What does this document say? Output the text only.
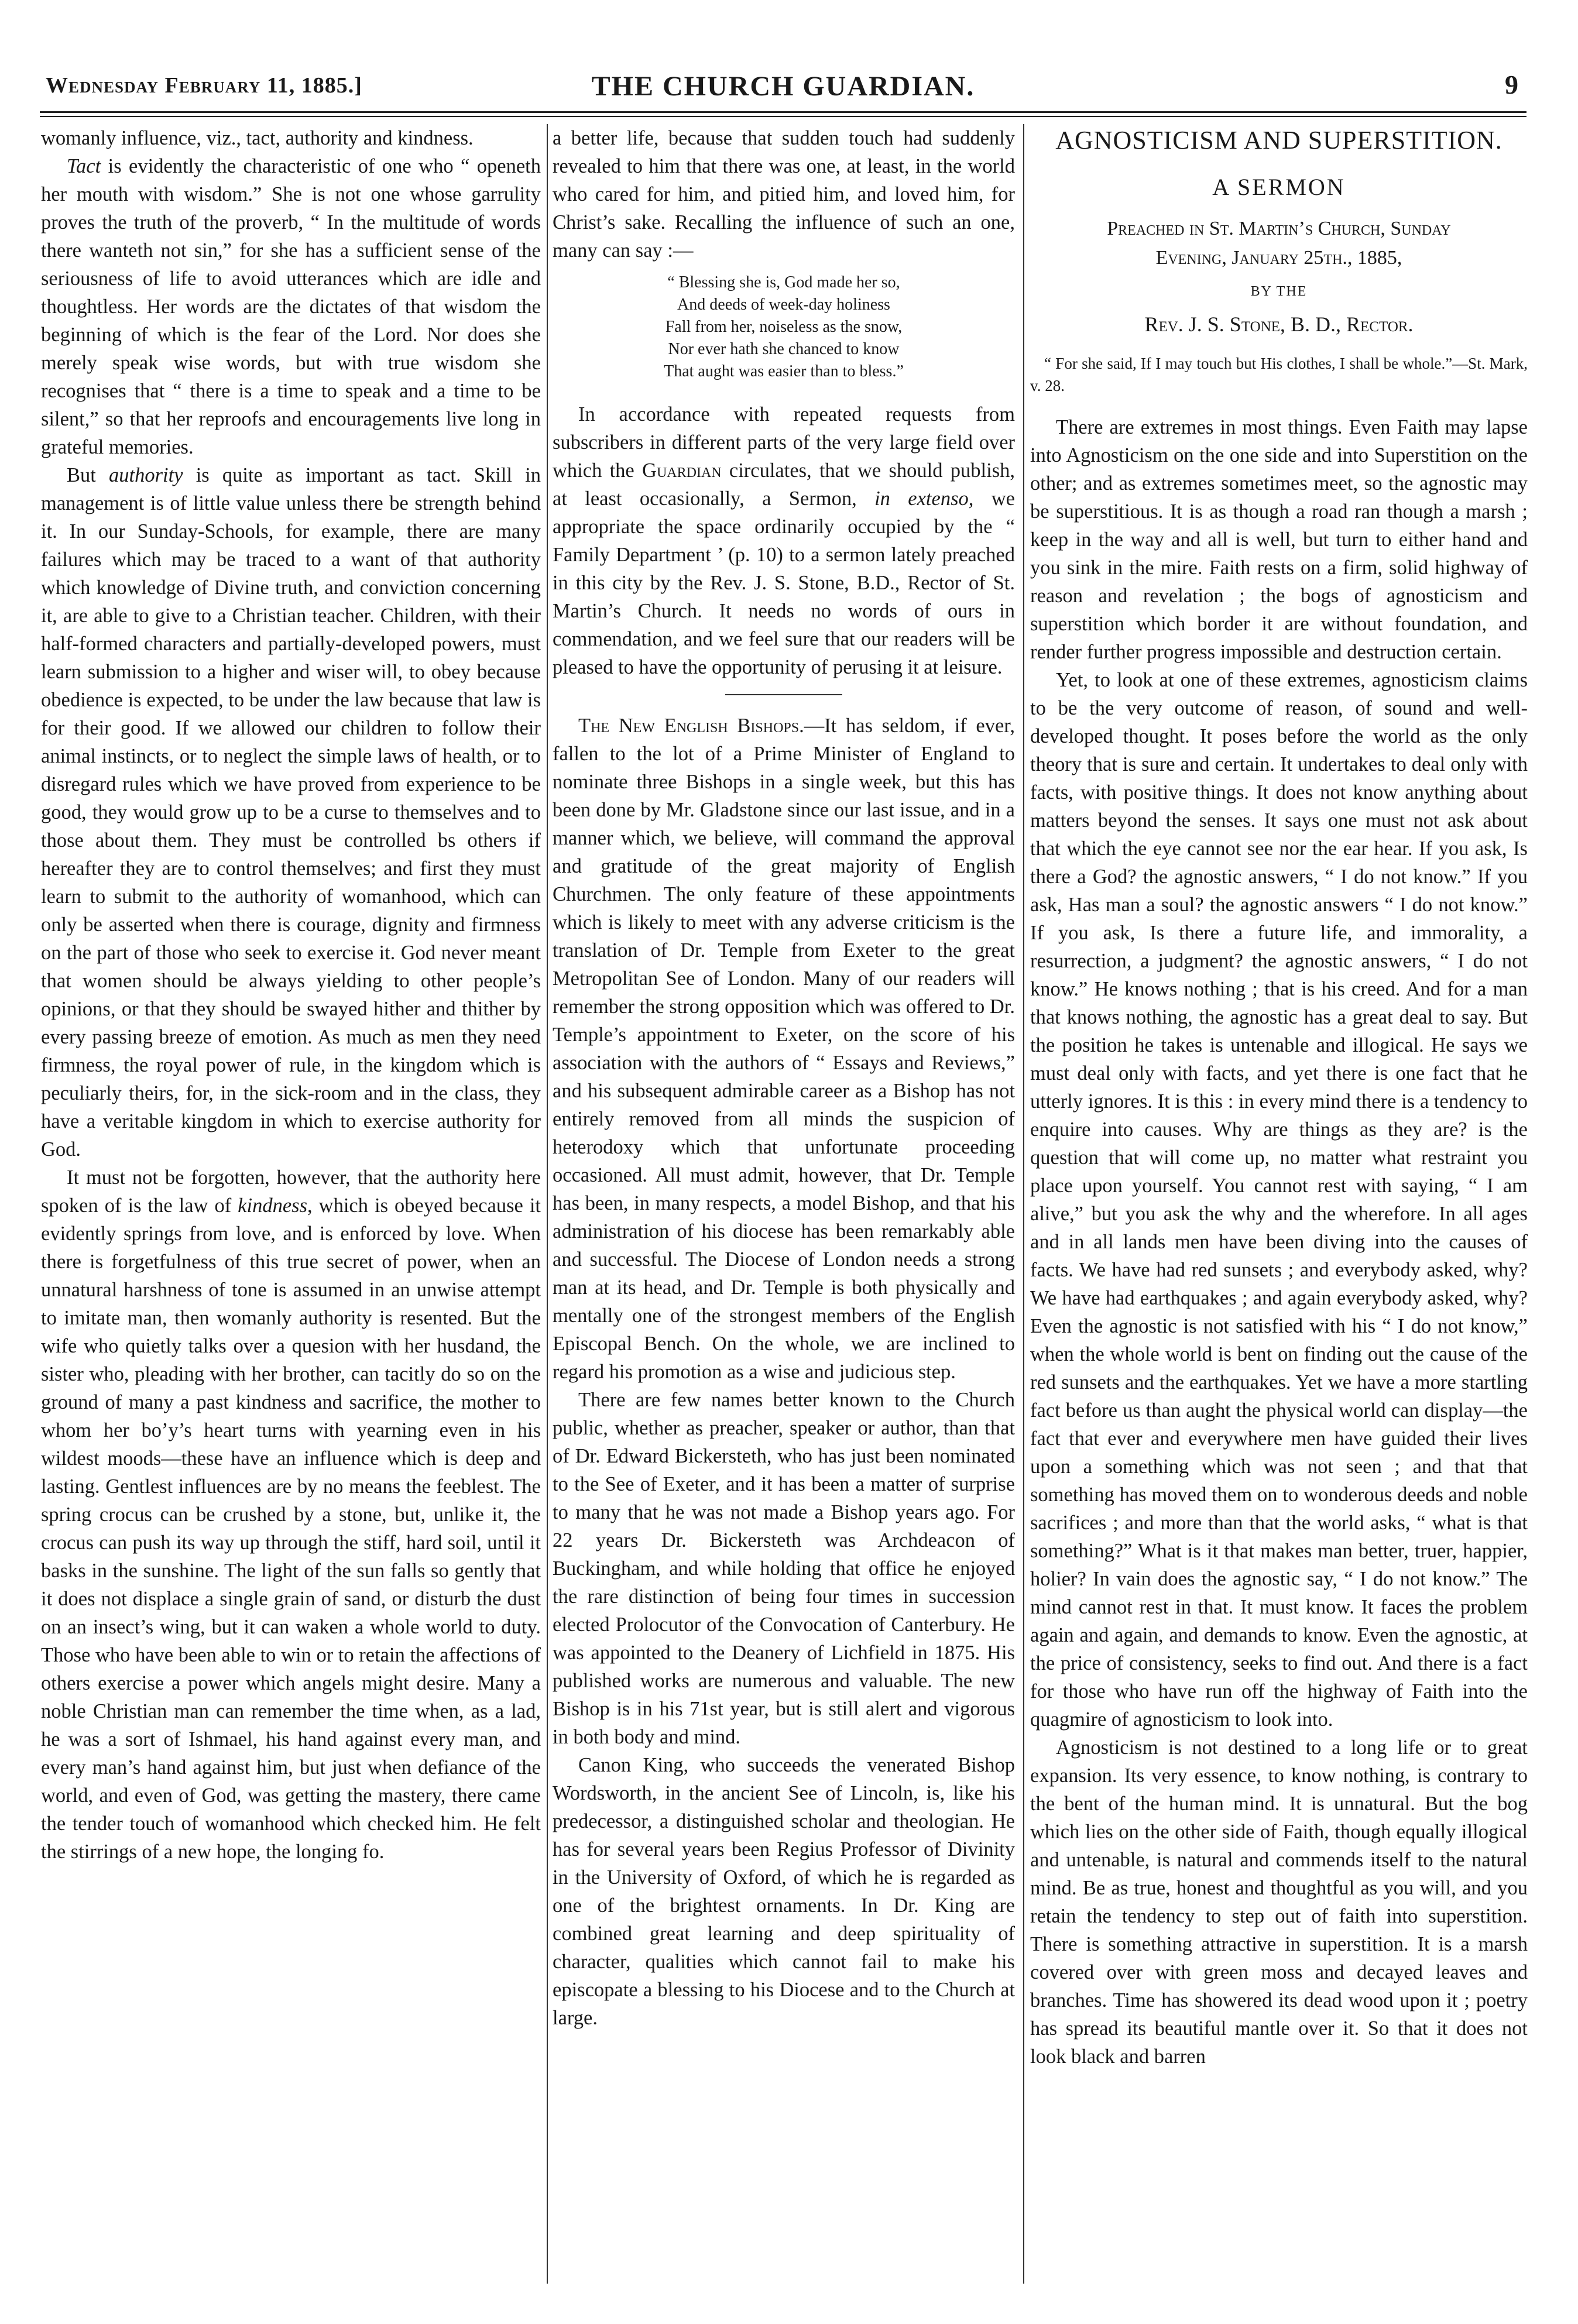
Wednesday February 11, 1885.]	THE CHURCH GUARDIAN.	9

womanly influence, viz., tact, authority and kindness.

Tact is evidently the characteristic of one who “ openeth her mouth with wisdom.” She is not one whose garrulity proves the truth of the proverb, “ In the multitude of words there wanteth not sin,” for she has a sufficient sense of the seriousness of life to avoid utterances which are idle and thoughtless. Her words are the dictates of that wisdom the beginning of which is the fear of the Lord. Nor does she merely speak wise words, but with true wisdom she recognises that “ there is a time to speak and a time to be silent,” so that her reproofs and encouragements live long in grateful memories.

But authority is quite as important as tact. Skill in management is of little value unless there be strength behind it. In our Sunday-Schools, for example, there are many failures which may be traced to a want of that authority which knowledge of Divine truth, and conviction concerning it, are able to give to a Christian teacher. Children, with their half-formed characters and partially-developed powers, must learn submission to a higher and wiser will, to obey because obedience is expected, to be under the law because that law is for their good. If we allowed our children to follow their animal instincts, or to neglect the simple laws of health, or to disregard rules which we have proved from experience to be good, they would grow up to be a curse to themselves and to those about them. They must be controlled bs others if hereafter they are to control themselves; and first they must learn to submit to the authority of womanhood, which can only be asserted when there is courage, dignity and firmness on the part of those who seek to exercise it. God never meant that women should be always yielding to other people’s opinions, or that they should be swayed hither and thither by every passing breeze of emotion. As much as men they need firmness, the royal power of rule, in the kingdom which is peculiarly theirs, for, in the sick-room and in the class, they have a veritable kingdom in which to exercise authority for God.

It must not be forgotten, however, that the authority here spoken of is the law of kindness, which is obeyed because it evidently springs from love, and is enforced by love. When there is forgetfulness of this true secret of power, when an unnatural harshness of tone is assumed in an unwise attempt to imitate man, then womanly authority is resented. But the wife who quietly talks over a quesion with her husdand, the sister who, pleading with her brother, can tacitly do so on the ground of many a past kindness and sacrifice, the mother to whom her bo’y’s heart turns with yearning even in his wildest moods—these have an influence which is deep and lasting. Gentlest influences are by no means the feeblest. The spring crocus can be crushed by a stone, but, unlike it, the crocus can push its way up through the stiff, hard soil, until it basks in the sunshine. The light of the sun falls so gently that it does not displace a single grain of sand, or disturb the dust on an insect’s wing, but it can waken a whole world to duty. Those who have been able to win or to retain the affections of others exercise a power which angels might desire. Many a noble Christian man can remember the time when, as a lad, he was a sort of Ishmael, his hand against every man, and every man’s hand against him, but just when defiance of the world, and even of God, was getting the mastery, there came the tender touch of womanhood which checked him. He felt the stirrings of a new hope, the longing fo.

a better life, because that sudden touch had suddenly revealed to him that there was one, at least, in the world who cared for him, and pitied him, and loved him, for Christ’s sake. Recalling the influence of such an one, many can say :—

“ Blessing she is, God made her so,
And deeds of week-day holiness
Fall from her, noiseless as the snow,
Nor ever hath she chanced to know
That aught was easier than to bless.”

In accordance with repeated requests from subscribers in different parts of the very large field over which the Guardian circulates, that we should publish, at least occasionally, a Sermon, in extenso, we appropriate the space ordinarily occupied by the “ Family Department ’ (p. 10) to a sermon lately preached in this city by the Rev. J. S. Stone, B.D., Rector of St. Martin’s Church. It needs no words of ours in commendation, and we feel sure that our readers will be pleased to have the opportunity of perusing it at leisure.

The New English Bishops.—It has seldom, if ever, fallen to the lot of a Prime Minister of England to nominate three Bishops in a single week, but this has been done by Mr. Gladstone since our last issue, and in a manner which, we believe, will command the approval and gratitude of the great majority of English Churchmen. The only feature of these appointments which is likely to meet with any adverse criticism is the translation of Dr. Temple from Exeter to the great Metropolitan See of London. Many of our readers will remember the strong opposition which was offered to Dr. Temple’s appointment to Exeter, on the score of his association with the authors of “ Essays and Reviews,” and his subsequent admirable career as a Bishop has not entirely removed from all minds the suspicion of heterodoxy which that unfortunate proceeding occasioned. All must admit, however, that Dr. Temple has been, in many respects, a model Bishop, and that his administration of his diocese has been remarkably able and successful. The Diocese of London needs a strong man at its head, and Dr. Temple is both physically and mentally one of the strongest members of the English Episcopal Bench. On the whole, we are inclined to regard his promotion as a wise and judicious step.

There are few names better known to the Church public, whether as preacher, speaker or author, than that of Dr. Edward Bickersteth, who has just been nominated to the See of Exeter, and it has been a matter of surprise to many that he was not made a Bishop years ago. For 22 years Dr. Bickersteth was Archdeacon of Buckingham, and while holding that office he enjoyed the rare distinction of being four times in succession elected Prolocutor of the Convocation of Canterbury. He was appointed to the Deanery of Lichfield in 1875. His published works are numerous and valuable. The new Bishop is in his 71st year, but is still alert and vigorous in both body and mind.

Canon King, who succeeds the venerated Bishop Wordsworth, in the ancient See of Lincoln, is, like his predecessor, a distinguished scholar and theologian. He has for several years been Regius Professor of Divinity in the University of Oxford, of which he is regarded as one of the brightest ornaments. In Dr. King are combined great learning and deep spirituality of character, qualities which cannot fail to make his episcopate a blessing to his Diocese and to the Church at large.

AGNOSTICISM AND SUPERSTITION.
A SERMON
Preached in St. Martin’s Church, Sunday
Evening, January 25th., 1885,
BY THE
Rev. J. S. Stone, B. D., Rector.

“ For she said, If I may touch but His clothes, I shall be whole.”—St. Mark, v. 28.

There are extremes in most things. Even Faith may lapse into Agnosticism on the one side and into Superstition on the other; and as extremes sometimes meet, so the agnostic may be superstitious. It is as though a road ran though a marsh ; keep in the way and all is well, but turn to either hand and you sink in the mire. Faith rests on a firm, solid highway of reason and revelation ; the bogs of agnosticism and superstition which border it are without foundation, and render further progress impossible and destruction certain.

Yet, to look at one of these extremes, agnosticism claims to be the very outcome of reason, of sound and well-developed thought. It poses before the world as the only theory that is sure and certain. It undertakes to deal only with facts, with positive things. It does not know anything about matters beyond the senses. It says one must not ask about that which the eye cannot see nor the ear hear. If you ask, Is there a God? the agnostic answers, “ I do not know.” If you ask, Has man a soul? the agnostic answers “ I do not know.” If you ask, Is there a future life, and immorality, a resurrection, a judgment? the agnostic answers, “ I do not know.” He knows nothing ; that is his creed. And for a man that knows nothing, the agnostic has a great deal to say. But the position he takes is untenable and illogical. He says we must deal only with facts, and yet there is one fact that he utterly ignores. It is this : in every mind there is a tendency to enquire into causes. Why are things as they are? is the question that will come up, no matter what restraint you place upon yourself. You cannot rest with saying, “ I am alive,” but you ask the why and the wherefore. In all ages and in all lands men have been diving into the causes of facts. We have had red sunsets ; and everybody asked, why? We have had earthquakes ; and again everybody asked, why? Even the agnostic is not satisfied with his “ I do not know,” when the whole world is bent on finding out the cause of the red sunsets and the earthquakes. Yet we have a more startling fact before us than aught the physical world can display—the fact that ever and everywhere men have guided their lives upon a something which was not seen ; and that that something has moved them on to wonderous deeds and noble sacrifices ; and more than that the world asks, “ what is that something?” What is it that makes man better, truer, happier, holier? In vain does the agnostic say, “ I do not know.” The mind cannot rest in that. It must know. It faces the problem again and again, and demands to know. Even the agnostic, at the price of consistency, seeks to find out. And there is a fact for those who have run off the highway of Faith into the quagmire of agnosticism to look into.

Agnosticism is not destined to a long life or to great expansion. Its very essence, to know nothing, is contrary to the bent of the human mind. It is unnatural. But the bog which lies on the other side of Faith, though equally illogical and untenable, is natural and commends itself to the natural mind. Be as true, honest and thoughtful as you will, and you retain the tendency to step out of faith into superstition. There is something attractive in superstition. It is a marsh covered over with green moss and decayed leaves and branches. Time has showered its dead wood upon it ; poetry has spread its beautiful mantle over it. So that it does not look black and barren
